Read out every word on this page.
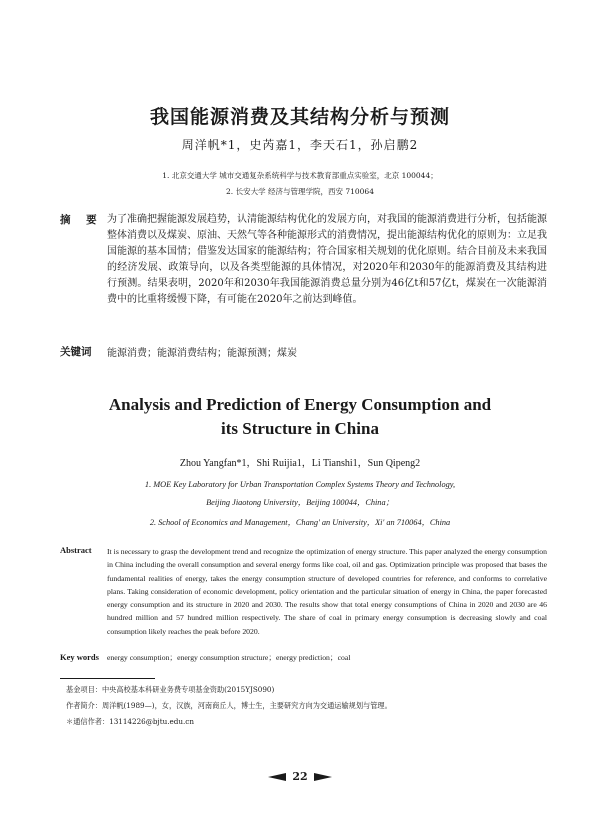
我国能源消费及其结构分析与预测
周洋帆*1，史芮嘉1，李天石1，孙启鹏2
1. 北京交通大学 城市交通复杂系统科学与技术教育部重点实验室，北京 100044；
2. 长安大学 经济与管理学院，西安 710064
摘 要 为了准确把握能源发展趋势，认清能源结构优化的发展方向，对我国的能源消费进行分析，包括能源整体消费以及煤炭、原油、天然气等各种能源形式的消费情况，提出能源结构优化的原则为：立足我国能源的基本国情；借鉴发达国家的能源结构；符合国家相关规划的优化原则。结合目前及未来我国的经济发展、政策导向，以及各类型能源的具体情况，对2020年和2030年的能源消费及其结构进行预测。结果表明，2020年和2030年我国能源消费总量分别为46亿t和57亿t，煤炭在一次能源消费中的比重将缓慢下降，有可能在2020年之前达到峰值。
关键词 能源消费；能源消费结构；能源预测；煤炭
Analysis and Prediction of Energy Consumption and
its Structure in China
Zhou Yangfan*1，Shi Ruijia1，Li Tianshi1，Sun Qipeng2
1. MOE Key Laboratory for Urban Transportation Complex Systems Theory and Technology,
Beijing Jiaotong University，Beijing 100044，China；
2. School of Economics and Management，Chang' an University，Xi' an 710064，China
Abstract It is necessary to grasp the development trend and recognize the optimization of energy structure. This paper analyzed the energy consumption in China including the overall consumption and several energy forms like coal, oil and gas. Optimization principle was proposed that bases the fundamental realities of energy, takes the energy consumption structure of developed countries for reference, and conforms to correlative plans. Taking consideration of economic development, policy orientation and the particular situation of energy in China, the paper forecasted energy consumption and its structure in 2020 and 2030. The results show that total energy consumptions of China in 2020 and 2030 are 46 hundred million and 57 hundred million respectively. The share of coal in primary energy consumption is decreasing slowly and coal consumption likely reaches the peak before 2020.
Key words energy consumption；energy consumption structure；energy prediction；coal
基金项目：中央高校基本科研业务费专项基金资助(2015YJS090)
作者简介：周洋帆(1989—)，女，汉族，河南商丘人，博士生，主要研究方向为交通运输规划与管理。
＊通信作者：13114226@bjtu.edu.cn
22
